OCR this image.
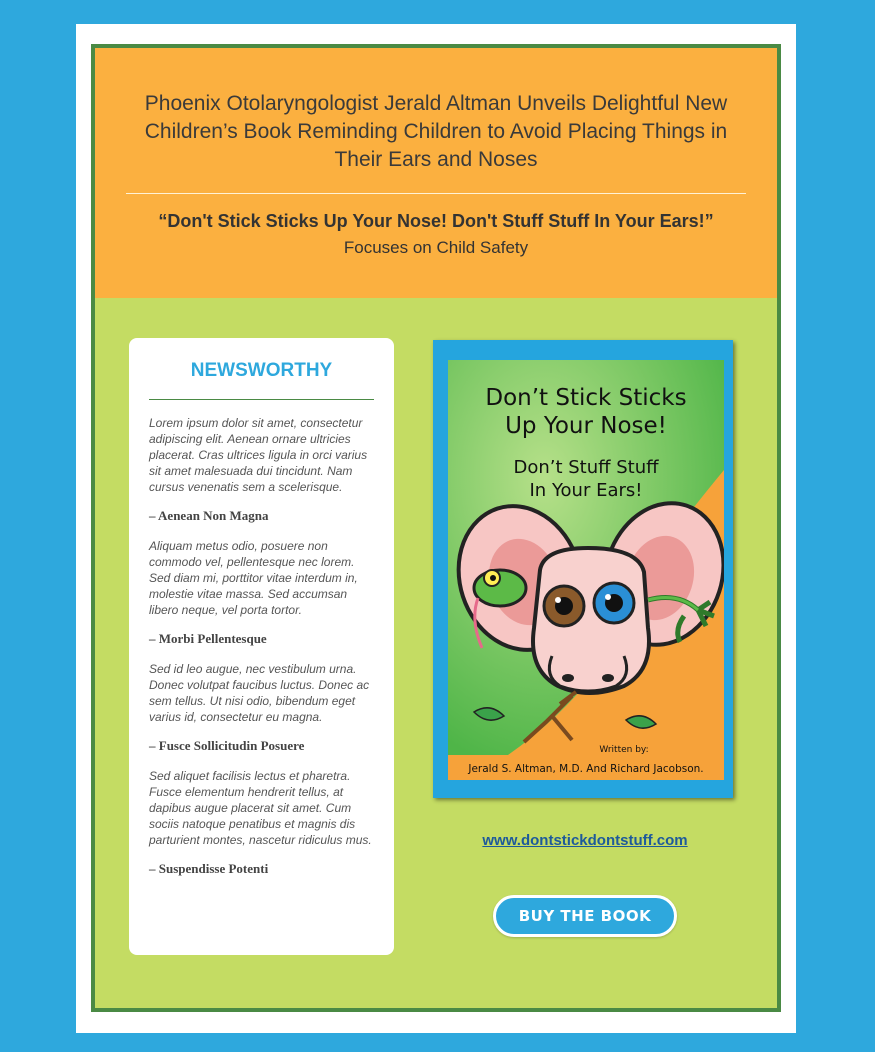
Phoenix Otolaryngologist Jerald Altman Unveils Delightful New Children’s Book Reminding Children to Avoid Placing Things in Their Ears and Noses
“Don't Stick Sticks Up Your Nose! Don't Stuff Stuff In Your Ears!”
Focuses on Child Safety
NEWSWORTHY

Lorem ipsum dolor sit amet, consectetur adipiscing elit. Aenean ornare ultricies placerat. Cras ultrices ligula in orci varius sit amet malesuada dui tincidunt. Nam cursus venenatis sem a scelerisque.

– Aenean Non Magna

Aliquam metus odio, posuere non commodo vel, pellentesque nec lorem. Sed diam mi, porttitor vitae interdum in, molestie vitae massa. Sed accumsan libero neque, vel porta tortor.

– Morbi Pellentesque

Sed id leo augue, nec vestibulum urna. Donec volutpat faucibus luctus. Donec ac sem tellus. Ut nisi odio, bibendum eget varius id, consectetur eu magna.

– Fusce Sollicitudin Posuere

Sed aliquet facilisis lectus et pharetra. Fusce elementum hendrerit tellus, at dapibus augue placerat sit amet. Cum sociis natoque penatibus et magnis dis parturient montes, nascetur ridiculus mus.

– Suspendisse Potenti

Don’t Stick Sticks
Up Your Nose!
Don’t Stuff Stuff
In Your Ears!
Written by:
Jerald S. Altman, M.D. And Richard Jacobson.
www.dontstickdontstuff.com
BUY THE BOOK
